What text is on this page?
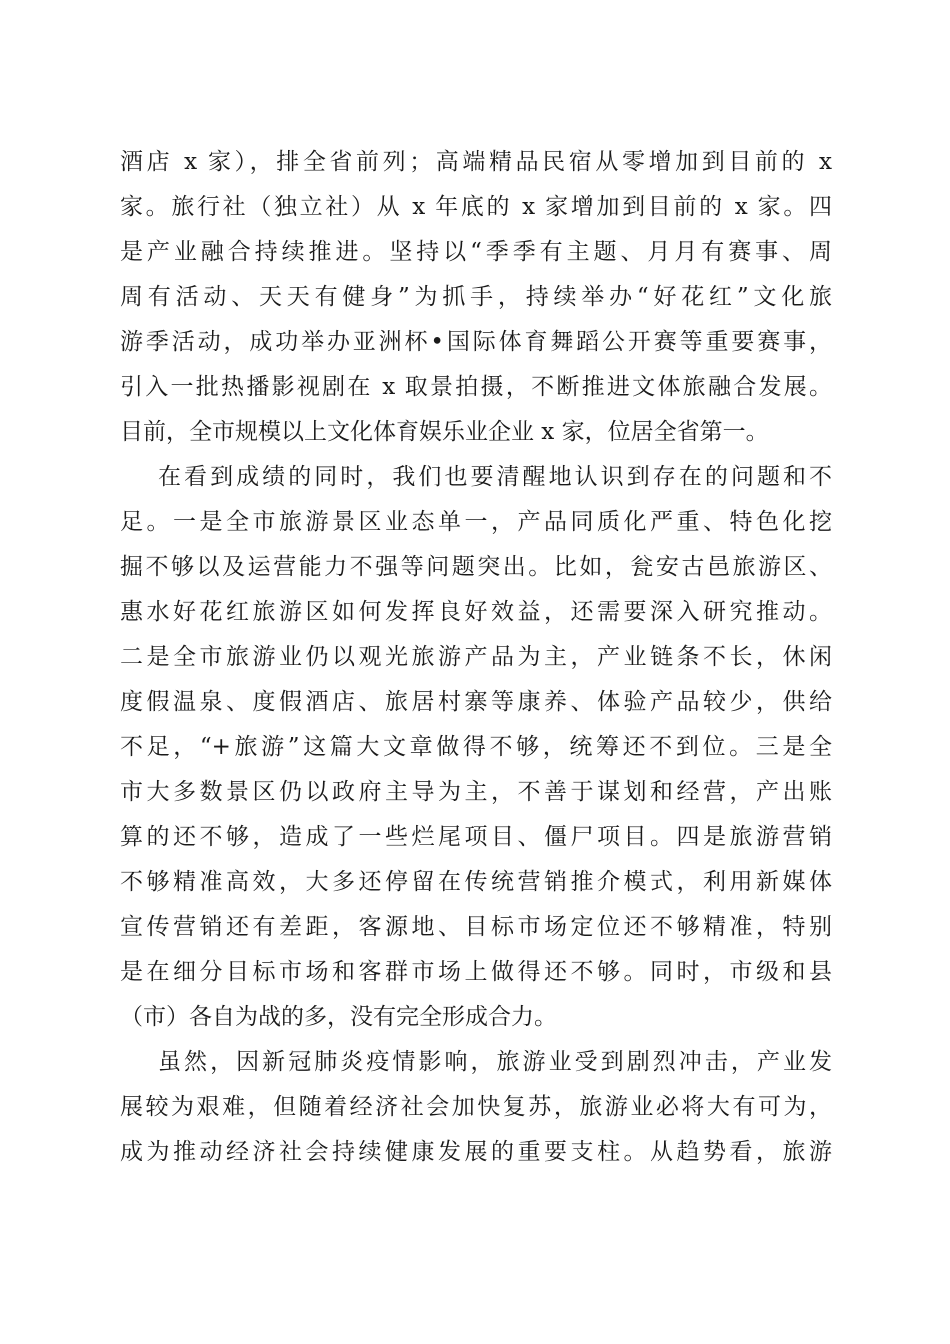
酒店 x 家），排全省前列；高端精品民宿从零增加到目前的 x
家。旅行社（独立社）从 x 年底的 x 家增加到目前的 x 家。四
是产业融合持续推进。坚持以“季季有主题、月月有赛事、周
周有活动、天天有健身”为抓手，持续举办“好花红”文化旅
游季活动，成功举办亚洲杯•国际体育舞蹈公开赛等重要赛事，
引入一批热播影视剧在 x 取景拍摄，不断推进文体旅融合发展。
目前，全市规模以上文化体育娱乐业企业 x 家，位居全省第一。
在看到成绩的同时，我们也要清醒地认识到存在的问题和不
足。一是全市旅游景区业态单一，产品同质化严重、特色化挖
掘不够以及运营能力不强等问题突出。比如，瓮安古邑旅游区、
惠水好花红旅游区如何发挥良好效益，还需要深入研究推动。
二是全市旅游业仍以观光旅游产品为主，产业链条不长，休闲
度假温泉、度假酒店、旅居村寨等康养、体验产品较少，供给
不足，“+旅游”这篇大文章做得不够，统筹还不到位。三是全
市大多数景区仍以政府主导为主，不善于谋划和经营，产出账
算的还不够，造成了一些烂尾项目、僵尸项目。四是旅游营销
不够精准高效，大多还停留在传统营销推介模式，利用新媒体
宣传营销还有差距，客源地、目标市场定位还不够精准，特别
是在细分目标市场和客群市场上做得还不够。同时，市级和县
（市）各自为战的多，没有完全形成合力。
虽然，因新冠肺炎疫情影响，旅游业受到剧烈冲击，产业发
展较为艰难，但随着经济社会加快复苏，旅游业必将大有可为，
成为推动经济社会持续健康发展的重要支柱。从趋势看，旅游
